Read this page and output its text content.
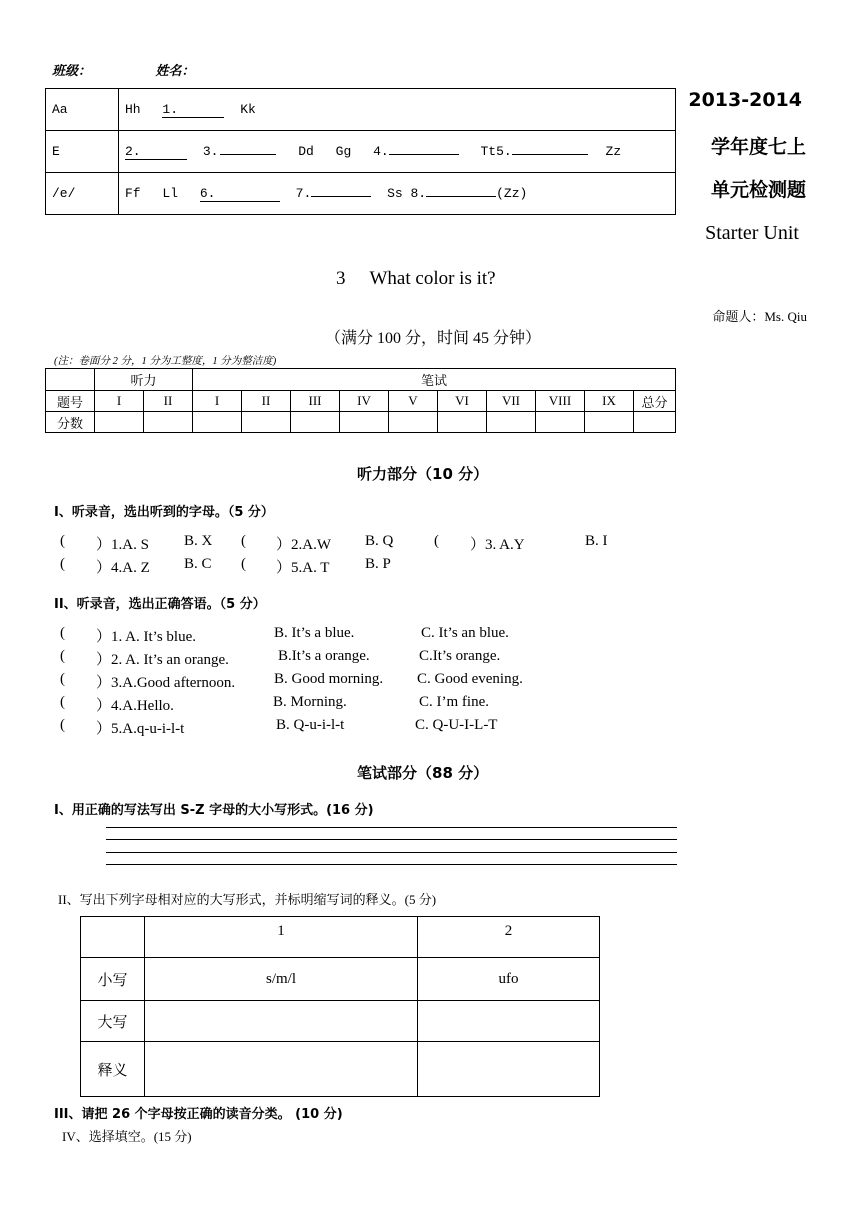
班级：	姓名：
Aa	Hh 1. Kk
E	2. 3. Dd Gg 4. Tt5. Zz
/e/	Ff Ll 6. 7. Ss 8. (Zz)
2013-2014
学年度七上
单元检测题
Starter Unit
3 What color is it?
命题人：Ms. Qiu
（满分 100 分，时间 45 分钟）
(注：卷面分 2 分，1 分为工整度，1 分为整洁度)
	听力		笔试									
题号	I	II	I	II	III	IV	V	VI	VII	VIII	IX	总分
分数												
听力部分（10 分）
I、听录音，选出听到的字母。（5 分）
( ）1.A. S B. X ( ）2.A.W B. Q	( ）3. A.Y	B. I
( ）4.A. Z B. C ( ）5.A. T B. P
II、听录音，选出正确答语。（5 分）
( ）1. A. It’s blue.	B. It’s a blue.	C. It’s an blue.
( ）2. A. It’s an orange.	B.It’s a orange.	C.It’s orange.
( ）3.A.Good afternoon.	B. Good morning. C. Good evening.
( ）4.A.Hello.	B. Morning.	C. I’m fine.
( ）5.A.q-u-i-l-t	B. Q-u-i-l-t	C. Q-U-I-L-T
笔试部分（88 分）
I、用正确的写法写出 S-Z 字母的大小写形式。(16 分)
II、写出下列字母相对应的大写形式，并标明缩写词的释义。(5 分)
	1	2
小写	s/m/l	ufo
大写		
释义		
III、请把 26 个字母按正确的读音分类。 (10 分)
IV、选择填空。(15 分)
